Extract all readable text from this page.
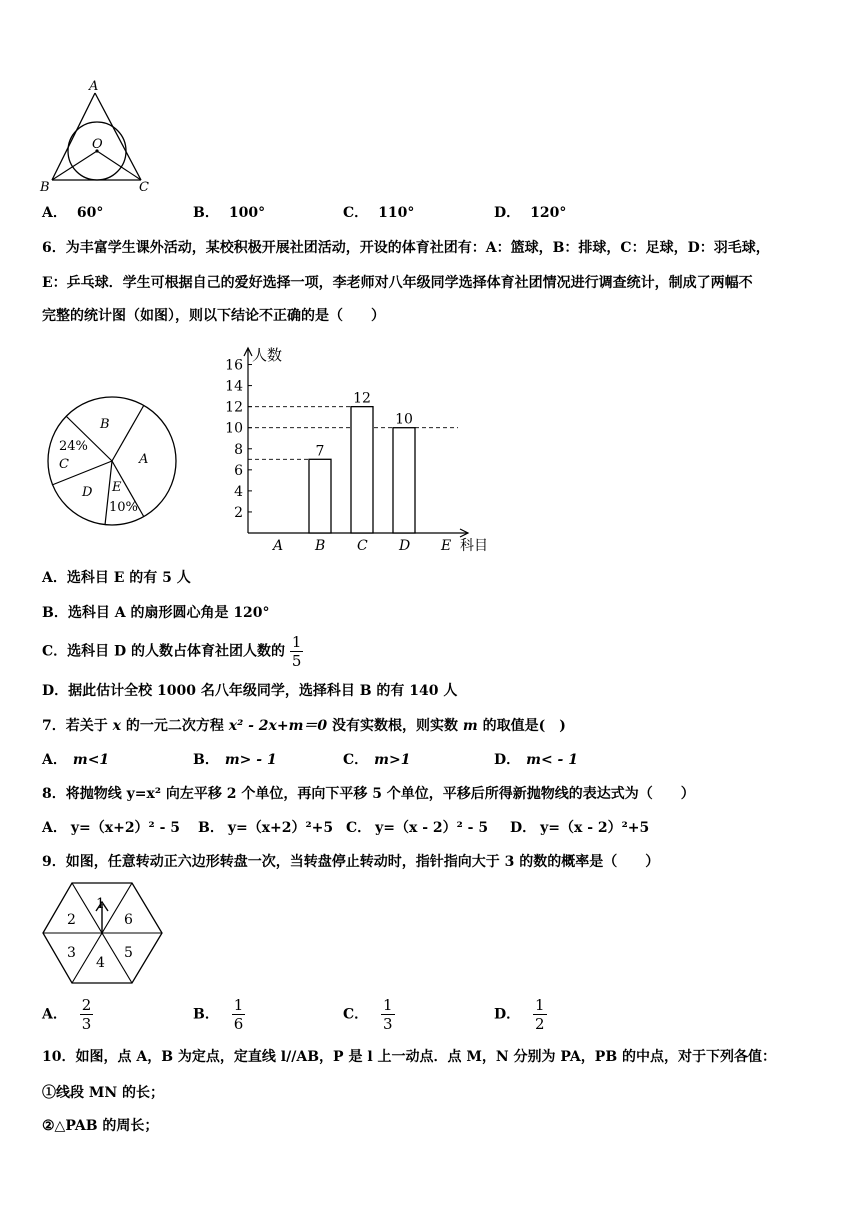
A
O
B	C
A． 60°	B． 100°	C． 110°	D． 120°
6．为丰富学生课外活动，某校积极开展社团活动，开设的体育社团有：A：篮球，B：排球，C：足球，D：羽毛球，
E：乒乓球．学生可根据自己的爱好选择一项，李老师对八年级同学选择体育社团情况进行调查统计，制成了两幅不
完整的统计图（如图），则以下结论不正确的是（　　）
B
A
24%
C
D E
10%	2
4
6
8
10
12
14
16
人数
科目
A B
7
C
12
D
10
E
A．选科目 E 的有 5 人
B．选科目 A 的扇形圆心角是 120°
C．选科目 D 的人数占体育社团人数的 $\frac{1}{5}$
D．据此估计全校 1000 名八年级同学，选择科目 B 的有 140 人
7．若关于 x 的一元二次方程 x² - 2x+m＝0 没有实数根，则实数 m 的取值是(　)
A． m<1	B． m> - 1	C． m>1	D． m< - 1
8．将抛物线 y=x² 向左平移 2 个单位，再向下平移 5 个单位，平移后所得新抛物线的表达式为（　　）
A． y=（x+2）² - 5 B． y=（x+2）²+5 C． y=（x - 2）² - 5 D． y=（x - 2）²+5
9．如图，任意转动正六边形转盘一次，当转盘停止转动时，指针指向大于 3 的数的概率是（　　）
1
2	6
3	5
4
A． $\frac{2}{3}$	B． $\frac{1}{6}$	C． $\frac{1}{3}$	D． $\frac{1}{2}$
10．如图，点 A，B 为定点，定直线 l//AB，P 是 l 上一动点．点 M，N 分别为 PA，PB 的中点，对于下列各值：
①线段 MN 的长；
②△PAB 的周长；
